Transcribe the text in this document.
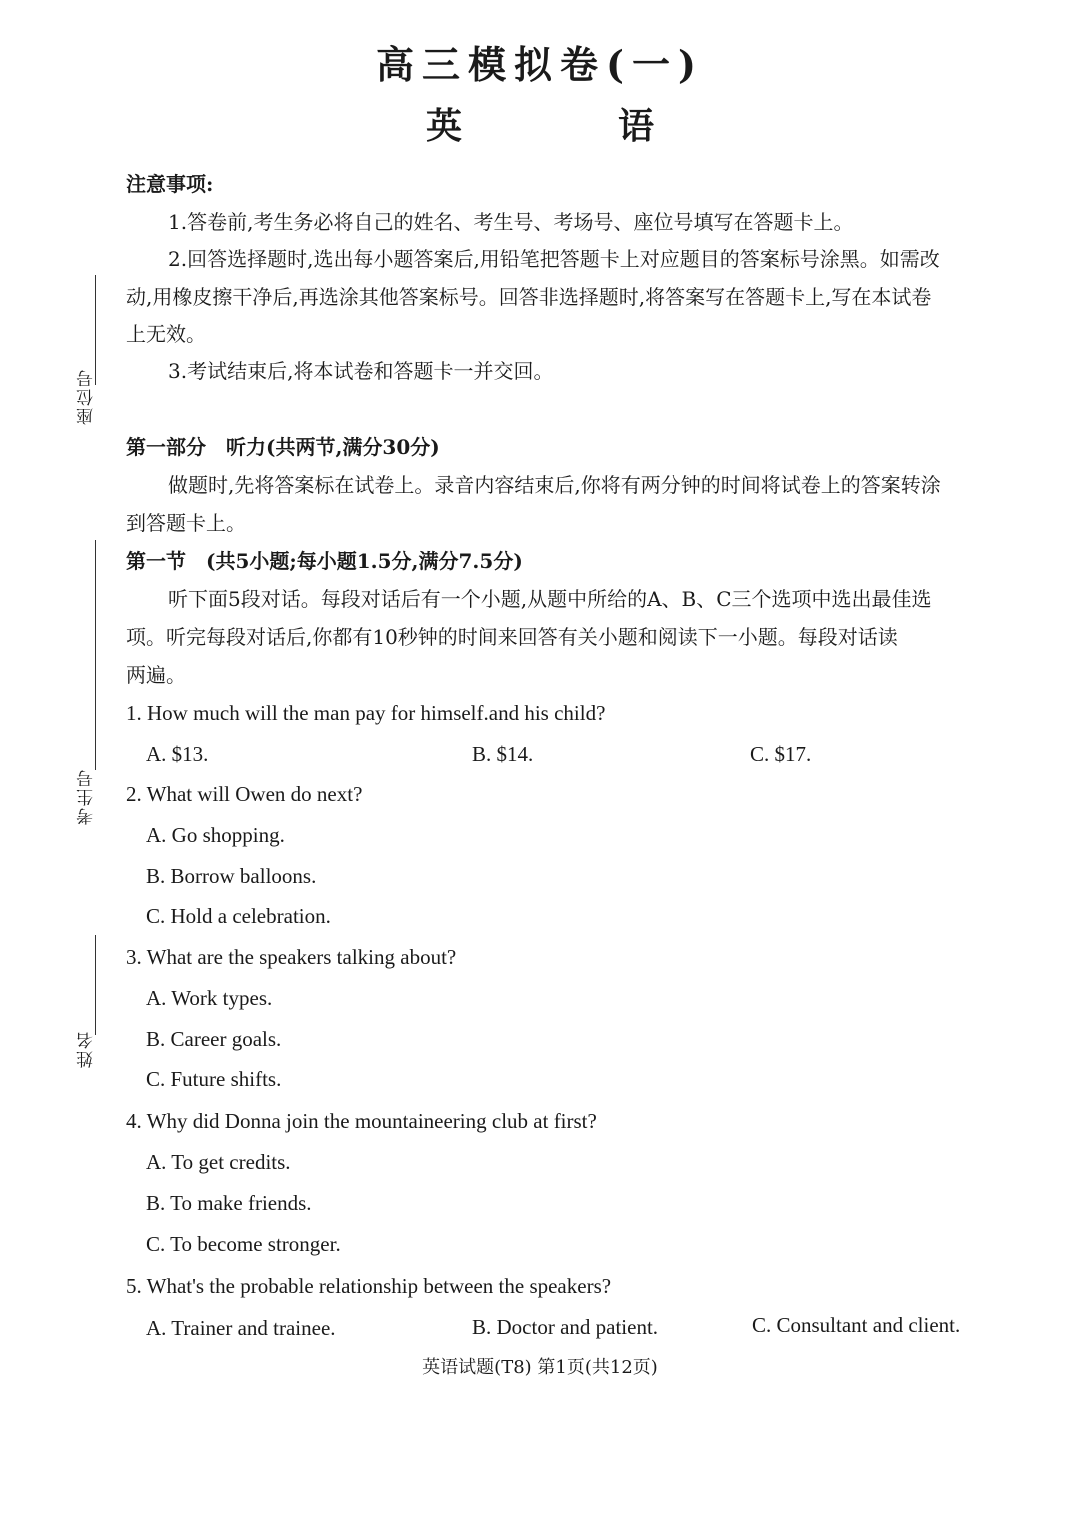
高三模拟卷(一)
英　语
座位号
考生号
姓名
注意事项:
1.答卷前,考生务必将自己的姓名、考生号、考场号、座位号填写在答题卡上。
2.回答选择题时,选出每小题答案后,用铅笔把答题卡上对应题目的答案标号涂黑。如需改
动,用橡皮擦干净后,再选涂其他答案标号。回答非选择题时,将答案写在答题卡上,写在本试卷
上无效。
3.考试结束后,将本试卷和答题卡一并交回。
第一部分　听力(共两节,满分30分)
做题时,先将答案标在试卷上。录音内容结束后,你将有两分钟的时间将试卷上的答案转涂
到答题卡上。
第一节　(共5小题;每小题1.5分,满分7.5分)
听下面5段对话。每段对话后有一个小题,从题中所给的A、B、C三个选项中选出最佳选
项。听完每段对话后,你都有10秒钟的时间来回答有关小题和阅读下一小题。每段对话读
两遍。
1. How much will the man pay for himself.and his child?
A. $13.	B. $14.	C. $17.
2. What will Owen do next?
A. Go shopping.
B. Borrow balloons.
C. Hold a celebration.
3. What are the speakers talking about?
A. Work types.
B. Career goals.
C. Future shifts.
4. Why did Donna join the mountaineering club at first?
A. To get credits.
B. To make friends.
C. To become stronger.
5. What's the probable relationship between the speakers?
A. Trainer and trainee.	B. Doctor and patient.	C. Consultant and client.
英语试题(T8) 第1页(共12页)
